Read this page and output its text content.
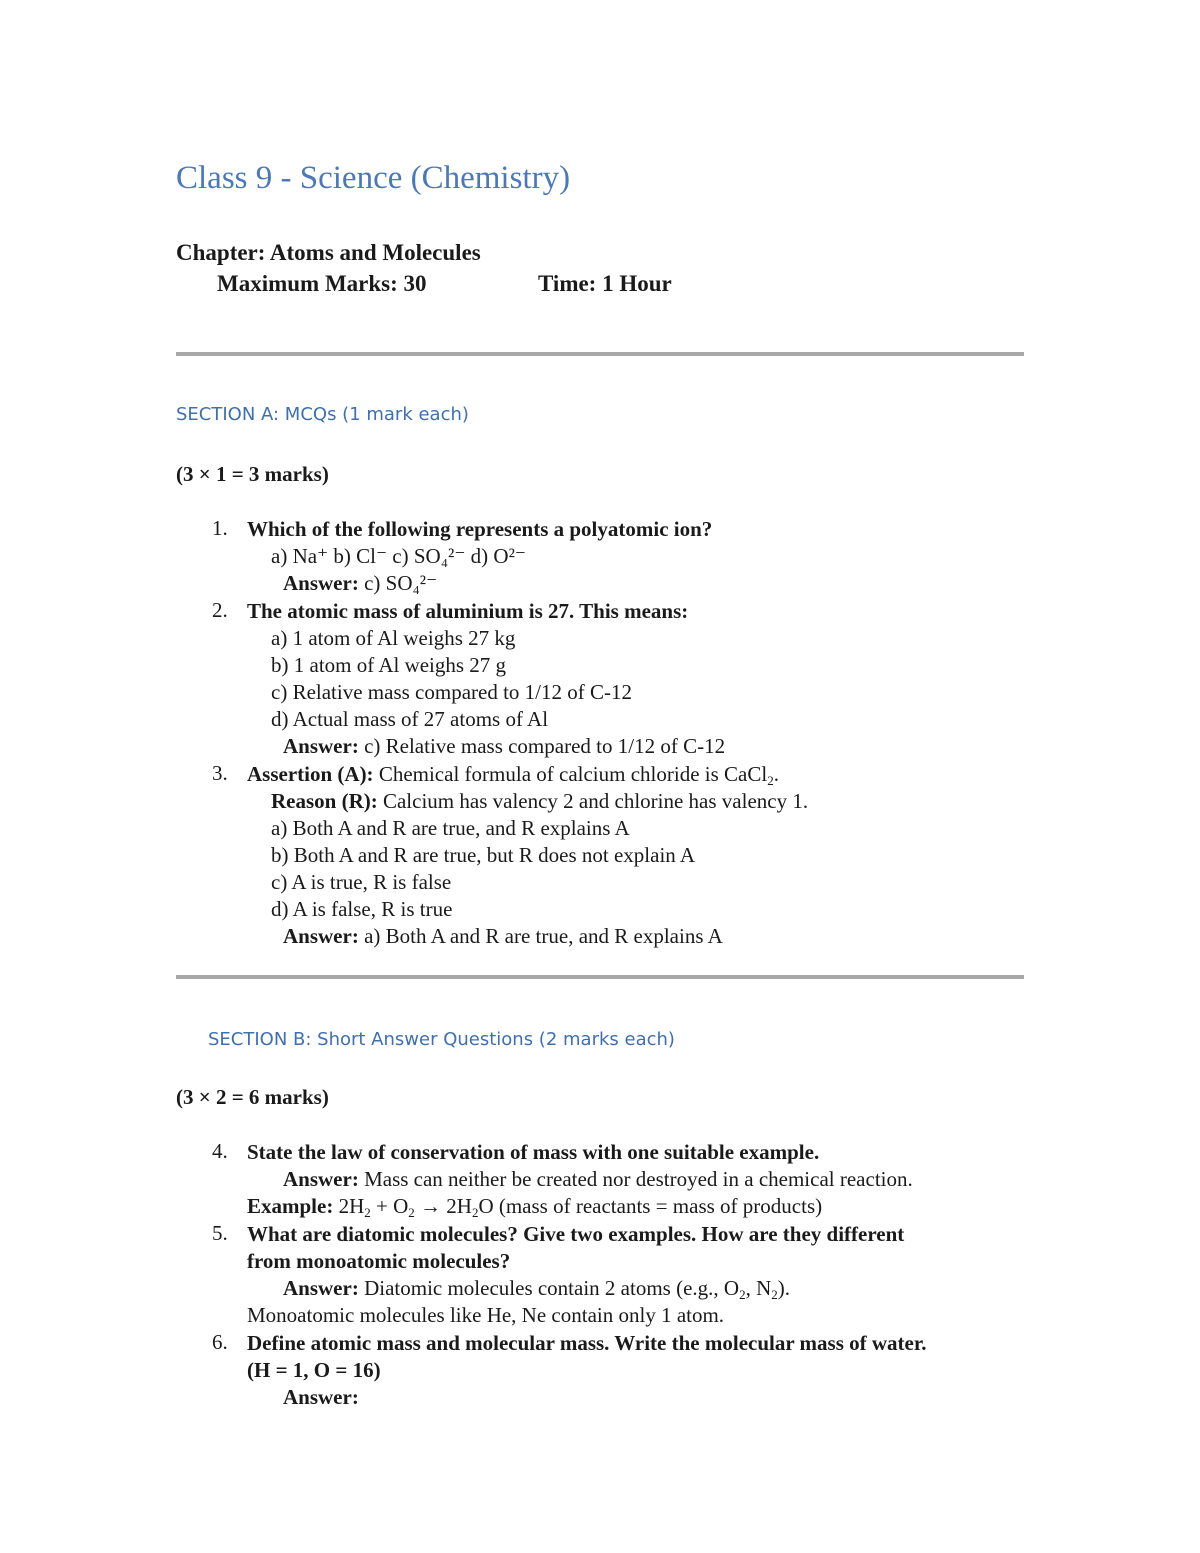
Class 9 - Science (Chemistry)
Chapter: Atoms and Molecules
Maximum Marks: 30	Time: 1 Hour
SECTION A: MCQs (1 mark each)
(3 × 1 = 3 marks)
1. Which of the following represents a polyatomic ion?
a) Na⁺ b) Cl⁻ c) SO₄²⁻ d) O²⁻
Answer: c) SO₄²⁻
2. The atomic mass of aluminium is 27. This means:
a) 1 atom of Al weighs 27 kg
b) 1 atom of Al weighs 27 g
c) Relative mass compared to 1/12 of C-12
d) Actual mass of 27 atoms of Al
Answer: c) Relative mass compared to 1/12 of C-12
3. Assertion (A): Chemical formula of calcium chloride is CaCl$_2$.
Reason (R): Calcium has valency 2 and chlorine has valency 1.
a) Both A and R are true, and R explains A
b) Both A and R are true, but R does not explain A
c) A is true, R is false
d) A is false, R is true
Answer: a) Both A and R are true, and R explains A
SECTION B: Short Answer Questions (2 marks each)
(3 × 2 = 6 marks)
4. State the law of conservation of mass with one suitable example.
Answer: Mass can neither be created nor destroyed in a chemical reaction.
Example: $2H_2 + O_2 \to 2H_2O$ (mass of reactants = mass of products)
5. What are diatomic molecules? Give two examples. How are they different
from monoatomic molecules?
Answer: Diatomic molecules contain 2 atoms (e.g., $O_2$, $N_2$).
Monoatomic molecules like He, Ne contain only 1 atom.
6. Define atomic mass and molecular mass. Write the molecular mass of water.
(H = 1, O = 16)
Answer:
